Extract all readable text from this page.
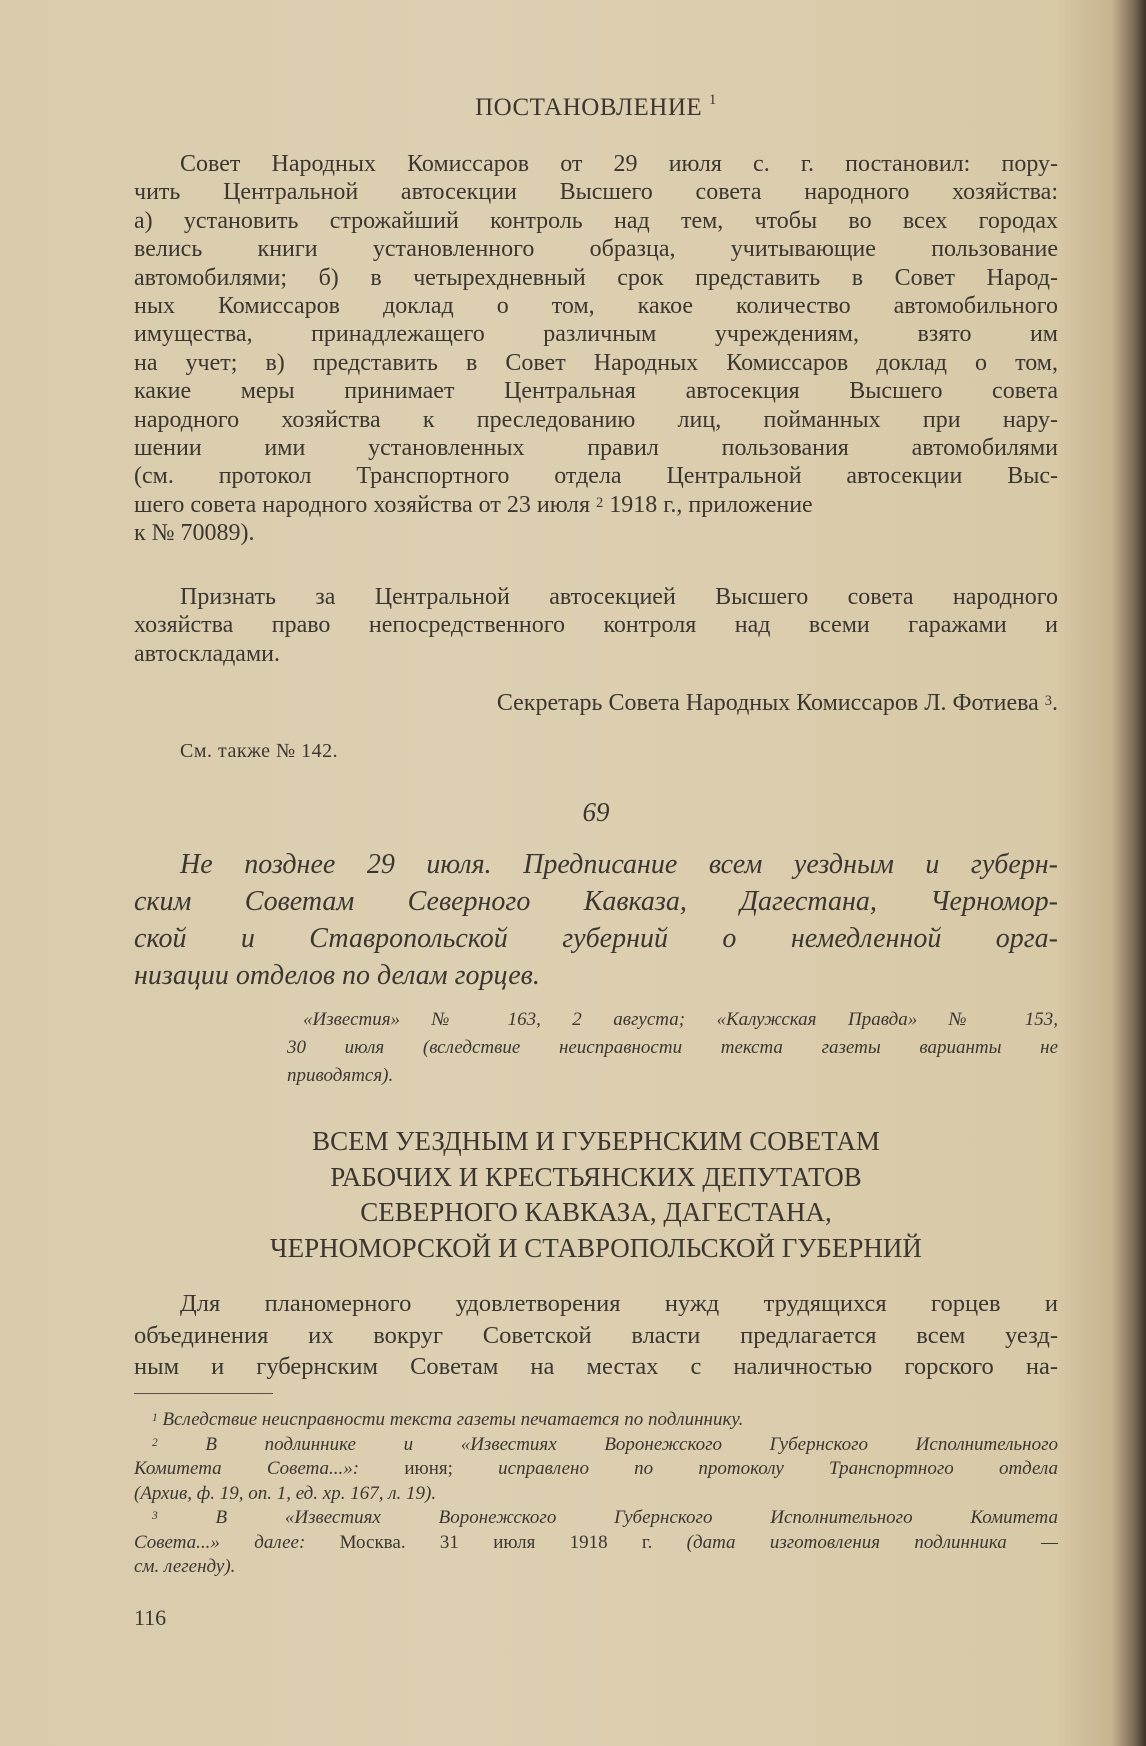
ПОСТАНОВЛЕНИЕ $^1$
Совет Народных Комиссаров от 29 июля с. г. постановил: пору-
чить Центральной автосекции Высшего совета народного хозяйства:
а) установить строжайший контроль над тем, чтобы во всех городах
велись книги установленного образца, учитывающие пользование
автомобилями; б) в четырехдневный срок представить в Совет Народ-
ных Комиссаров доклад о том, какое количество автомобильного
имущества, принадлежащего различным учреждениям, взято им
на учет; в) представить в Совет Народных Комиссаров доклад о том,
какие меры принимает Центральная автосекция Высшего совета
народного хозяйства к преследованию лиц, пойманных при нару-
шении ими установленных правил пользования автомобилями
(см. протокол Транспортного отдела Центральной автосекции Выс-
шего совета народного хозяйства от 23 июля $^2$ 1918 г., приложение
к № 70089).
Признать за Центральной автосекцией Высшего совета народного
хозяйства право непосредственного контроля над всеми гаражами и
автоскладами.
Секретарь Совета Народных Комиссаров Л. Фотиева $^3$.
См. также № 142.
69
Не позднее 29 июля. Предписание всем уездным и губерн-
ским Советам Северного Кавказа, Дагестана, Черномор-
ской и Ставропольской губерний о немедленной орга-
низации отделов по делам горцев.
«Известия» № 163, 2 августа; «Калужская Правда» № 153,
30 июля (вследствие неисправности текста газеты варианты не
приводятся).
ВСЕМ УЕЗДНЫМ И ГУБЕРНСКИМ СОВЕТАМ
РАБОЧИХ И КРЕСТЬЯНСКИХ ДЕПУТАТОВ
СЕВЕРНОГО КАВКАЗА, ДАГЕСТАНА,
ЧЕРНОМОРСКОЙ И СТАВРОПОЛЬСКОЙ ГУБЕРНИЙ
Для планомерного удовлетворения нужд трудящихся горцев и
объединения их вокруг Советской власти предлагается всем уезд-
ным и губернским Советам на местах с наличностью горского на-
$^1$ Вследствие неисправности текста газеты печатается по подлиннику.
$^2$	В подлиннике и «Известиях Воронежского Губернского Исполнительного
Комитета Совета...»: июня; исправлено по протоколу Транспортного отдела
(Архив, ф. 19, оп. 1, ед. хр. 167, л. 19).
$^3$	В «Известиях Воронежского Губернского Исполнительного Комитета
Совета...» далее: Москва. 31 июля 1918 г. (дата изготовления подлинника —
см. легенду).
116
